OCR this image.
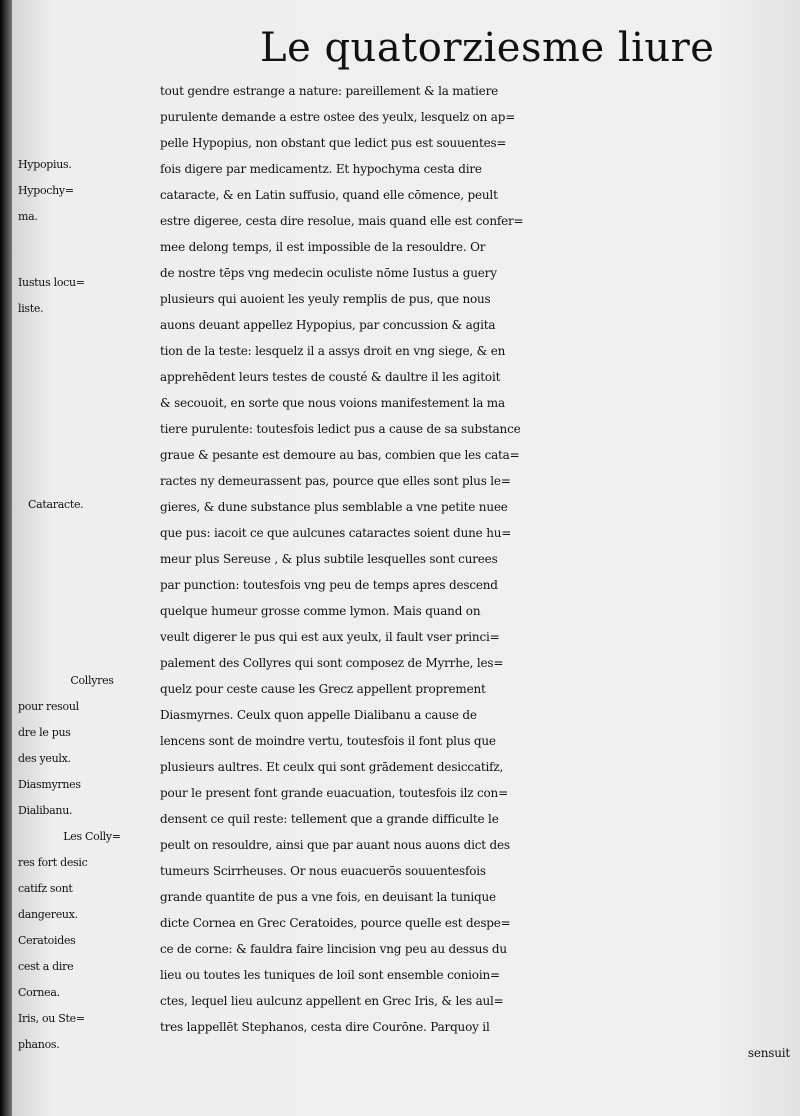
Le quatorziesme liure
tout gendre estrange a nature: pareillement & la matiere
purulente demande a estre ostee des yeulx, lesquelz on ap=
pelle Hypopius, non obstant que ledict pus est souuentes=
fois digere par medicamentz. Et hypochyma cesta dire
cataracte, & en Latin suffusio, quand elle cōmence, peult
estre digeree, cesta dire resolue, mais quand elle est confer=
mee delong temps, il est impossible de la resouldre. Or
de nostre tēps vng medecin oculiste nōme Iustus a guery
plusieurs qui auoient les yeuly remplis de pus, que nous
auons deuant appellez Hypopius, par concussion & agita
tion de la teste: lesquelz il a assys droit en vng siege, & en
apprehēdent leurs testes de cousté & daultre il les agitoit
& secouoit, en sorte que nous voions manifestement la ma
tiere purulente: toutesfois ledict pus a cause de sa substance
graue & pesante est demoure au bas, combien que les cata=
ractes ny demeurassent pas, pource que elles sont plus le=
gieres, & dune substance plus semblable a vne petite nuee
que pus: iacoit ce que aulcunes cataractes soient dune hu=
meur plus Sereuse , & plus subtile lesquelles sont curees
par punction: toutesfois vng peu de temps apres descend
quelque humeur grosse comme lymon. Mais quand on
veult digerer le pus qui est aux yeulx, il fault vser princi=
palement des Collyres qui sont composez de Myrrhe, les=
quelz pour ceste cause les Grecz appellent proprement
Diasmyrnes. Ceulx quon appelle Dialibanu a cause de
lencens sont de moindre vertu, toutesfois il font plus que
plusieurs aultres. Et ceulx qui sont grādement desiccatifz,
pour le present font grande euacuation, toutesfois ilz con=
densent ce quil reste: tellement que a grande difficulte le
peult on resouldre, ainsi que par auant nous auons dict des
tumeurs Scirrheuses. Or nous euacuerōs souuentesfois
grande quantite de pus a vne fois, en deuisant la tunique
dicte Cornea en Grec Ceratoides, pource quelle est despe=
ce de corne: & fauldra faire lincision vng peu au dessus du
lieu ou toutes les tuniques de loil sont ensemble conioin=
ctes, lequel lieu aulcunz appellent en Grec Iris, & les aul=
tres lappellēt Stephanos, cesta dire Courōne. Parquoy il
sensuit
Hypopius.
Hypochy=
ma.
Iustus locu=
liste.
Cataracte.
Collyres
pour resoul
dre le pus
des yeulx.
Diasmyrnes
Dialibanu.
Les Colly=
res fort desic
catifz sont
dangereux.
Ceratoides
cest a dire
Cornea.
Iris, ou Ste=
phanos.
